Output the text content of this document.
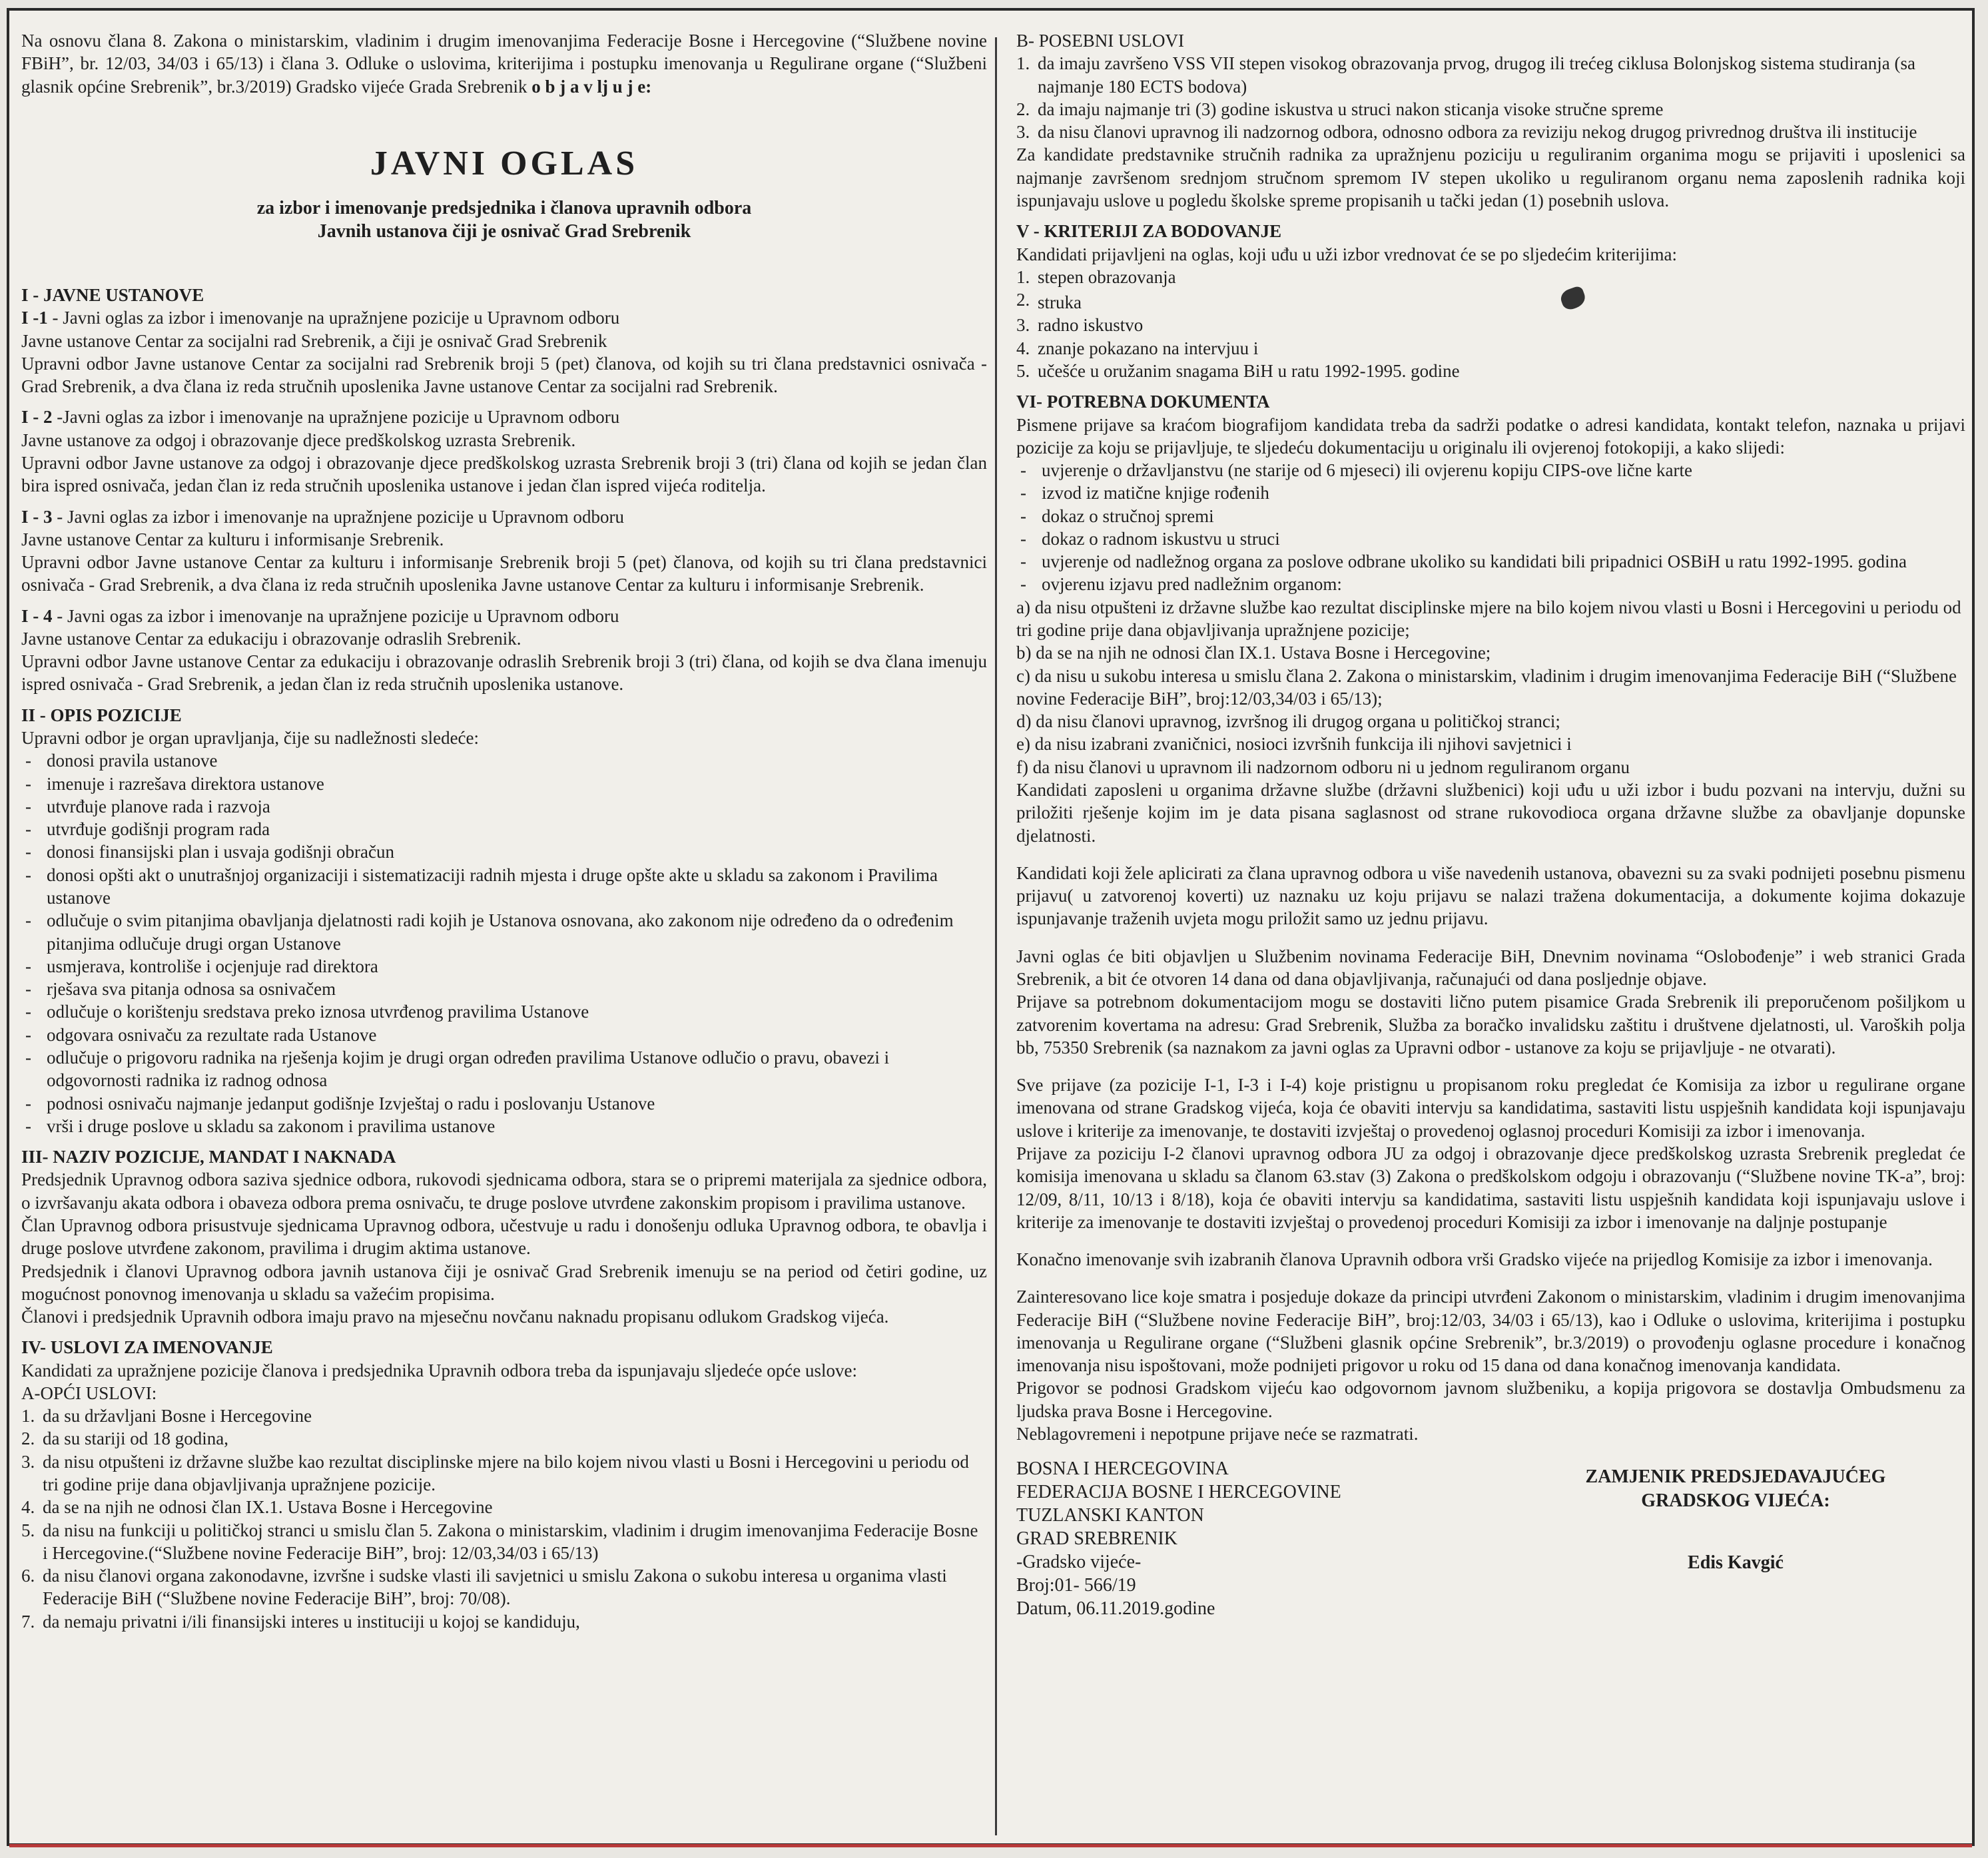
Na osnovu člana 8. Zakona o ministarskim, vladinim i drugim imenovanjima Federacije Bosne i Hercegovine (“Službene novine FBiH”, br. 12/03, 34/03 i 65/13) i člana 3. Odluke o uslovima, kriterijima i postupku imenovanja u Regulirane organe (“Službeni glasnik općine Srebrenik”, br.3/2019) Gradsko vijeće Grada Srebrenik o b j a v lj u j e:

JAVNI OGLAS
za izbor i imenovanje predsjednika i članova upravnih odbora
Javnih ustanova čiji je osnivač Grad Srebrenik

I - JAVNE USTANOVE

I -1 - Javni oglas za izbor i imenovanje na upražnjene pozicije u Upravnom odboru

Javne ustanove Centar za socijalni rad Srebrenik, a čiji je osnivač Grad Srebrenik

Upravni odbor Javne ustanove Centar za socijalni rad Srebrenik broji 5 (pet) članova, od kojih su tri člana predstavnici osnivača - Grad Srebrenik, a dva člana iz reda stručnih uposlenika Javne ustanove Centar za socijalni rad Srebrenik.

I - 2 -Javni oglas za izbor i imenovanje na upražnjene pozicije u Upravnom odboru

Javne ustanove za odgoj i obrazovanje djece predškolskog uzrasta Srebrenik.

Upravni odbor Javne ustanove za odgoj i obrazovanje djece predškolskog uzrasta Srebrenik broji 3 (tri) člana od kojih se jedan član bira ispred osnivača, jedan član iz reda stručnih uposlenika ustanove i jedan član ispred vijeća roditelja.

I - 3 - Javni oglas za izbor i imenovanje na upražnjene pozicije u Upravnom odboru

Javne ustanove Centar za kulturu i informisanje Srebrenik.

Upravni odbor Javne ustanove Centar za kulturu i informisanje Srebrenik broji 5 (pet) članova, od kojih su tri člana predstavnici osnivača - Grad Srebrenik, a dva člana iz reda stručnih uposlenika Javne ustanove Centar za kulturu i informisanje Srebrenik.

I - 4 - Javni ogas za izbor i imenovanje na upražnjene pozicije u Upravnom odboru

Javne ustanove Centar za edukaciju i obrazovanje odraslih Srebrenik.

Upravni odbor Javne ustanove Centar za edukaciju i obrazovanje odraslih Srebrenik broji 3 (tri) člana, od kojih se dva člana imenuju ispred osnivača - Grad Srebrenik, a jedan član iz reda stručnih uposlenika ustanove.

II - OPIS POZICIJE

Upravni odbor je organ upravljanja, čije su nadležnosti sledeće:

- donosi pravila ustanove
- imenuje i razrešava direktora ustanove
- utvrđuje planove rada i razvoja
- utvrđuje godišnji program rada
- donosi finansijski plan i usvaja godišnji obračun
- donosi opšti akt o unutrašnjoj organizaciji i sistematizaciji radnih mjesta i druge opšte akte u skladu sa zakonom i Pravilima ustanove
- odlučuje o svim pitanjima obavljanja djelatnosti radi kojih je Ustanova osnovana, ako zakonom nije određeno da o određenim pitanjima odlučuje drugi organ Ustanove
- usmjerava, kontroliše i ocjenjuje rad direktora
- rješava sva pitanja odnosa sa osnivačem
- odlučuje o korištenju sredstava preko iznosa utvrđenog pravilima Ustanove
- odgovara osnivaču za rezultate rada Ustanove
- odlučuje o prigovoru radnika na rješenja kojim je drugi organ određen pravilima Ustanove odlučio o pravu, obavezi i odgovornosti radnika iz radnog odnosa
- podnosi osnivaču najmanje jedanput godišnje Izvještaj o radu i poslovanju Ustanove
- vrši i druge poslove u skladu sa zakonom i pravilima ustanove

III- NAZIV POZICIJE, MANDAT I NAKNADA

Predsjednik Upravnog odbora saziva sjednice odbora, rukovodi sjednicama odbora, stara se o pripremi materijala za sjednice odbora, o izvršavanju akata odbora i obaveza odbora prema osnivaču, te druge poslove utvrđene zakonskim propisom i pravilima ustanove.

Član Upravnog odbora prisustvuje sjednicama Upravnog odbora, učestvuje u radu i donošenju odluka Upravnog odbora, te obavlja i druge poslove utvrđene zakonom, pravilima i drugim aktima ustanove.

Predsjednik i članovi Upravnog odbora javnih ustanova čiji je osnivač Grad Srebrenik imenuju se na period od četiri godine, uz mogućnost ponovnog imenovanja u skladu sa važećim propisima.

Članovi i predsjednik Upravnih odbora imaju pravo na mjesečnu novčanu naknadu propisanu odlukom Gradskog vijeća.

IV- USLOVI ZA IMENOVANJE

Kandidati za upražnjene pozicije članova i predsjednika Upravnih odbora treba da ispunjavaju sljedeće opće uslove:

A-OPĆI USLOVI:

1. da su državljani Bosne i Hercegovine
2. da su stariji od 18 godina,
3. da nisu otpušteni iz državne službe kao rezultat disciplinske mjere na bilo kojem nivou vlasti u Bosni i Hercegovini u periodu od tri godine prije dana objavljivanja upražnjene pozicije.
4. da se na njih ne odnosi član IX.1. Ustava Bosne i Hercegovine
5. da nisu na funkciji u političkoj stranci u smislu član 5. Zakona o ministarskim, vladinim i drugim imenovanjima Federacije Bosne i Hercegovine.(“Službene novine Federacije BiH”, broj: 12/03,34/03 i 65/13)
6. da nisu članovi organa zakonodavne, izvršne i sudske vlasti ili savjetnici u smislu Zakona o sukobu interesa u organima vlasti Federacije BiH (“Službene novine Federacije BiH”, broj: 70/08).
7. da nemaju privatni i/ili finansijski interes u instituciji u kojoj se kandiduju,

B- POSEBNI USLOVI

1. da imaju završeno VSS VII stepen visokog obrazovanja prvog, drugog ili trećeg ciklusa Bolonjskog sistema studiranja (sa najmanje 180 ECTS bodova)
2. da imaju najmanje tri (3) godine iskustva u struci nakon sticanja visoke stručne spreme
3. da nisu članovi upravnog ili nadzornog odbora, odnosno odbora za reviziju nekog drugog privrednog društva ili institucije

Za kandidate predstavnike stručnih radnika za upražnjenu poziciju u reguliranim organima mogu se prijaviti i uposlenici sa najmanje završenom srednjom stručnom spremom IV stepen ukoliko u reguliranom organu nema zaposlenih radnika koji ispunjavaju uslove u pogledu školske spreme propisanih u tački jedan (1) posebnih uslova.

V - KRITERIJI ZA BODOVANJE

Kandidati prijavljeni na oglas, koji uđu u uži izbor vrednovat će se po sljedećim kriterijima:

1. stepen obrazovanja
2. struka
3. radno iskustvo
4. znanje pokazano na intervjuu i
5. učešće u oružanim snagama BiH u ratu 1992-1995. godine

VI- POTREBNA DOKUMENTA

Pismene prijave sa kraćom biografijom kandidata treba da sadrži podatke o adresi kandidata, kontakt telefon, naznaka u prijavi pozicije za koju se prijavljuje, te sljedeću dokumentaciju u originalu ili ovjerenoj fotokopiji, a kako slijedi:

- uvjerenje o državljanstvu (ne starije od 6 mjeseci) ili ovjerenu kopiju CIPS-ove lične karte
- izvod iz matične knjige rođenih
- dokaz o stručnoj spremi
- dokaz o radnom iskustvu u struci
- uvjerenje od nadležnog organa za poslove odbrane ukoliko su kandidati bili pripadnici OSBiH u ratu 1992-1995. godina
- ovjerenu izjavu pred nadležnim organom:

a) da nisu otpušteni iz državne službe kao rezultat disciplinske mjere na bilo kojem nivou vlasti u Bosni i Hercegovini u periodu od tri godine prije dana objavljivanja upražnjene pozicije;

b) da se na njih ne odnosi član IX.1. Ustava Bosne i Hercegovine;

c) da nisu u sukobu interesa u smislu člana 2. Zakona o ministarskim, vladinim i drugim imenovanjima Federacije BiH (“Službene novine Federacije BiH”, broj:12/03,34/03 i 65/13);

d) da nisu članovi upravnog, izvršnog ili drugog organa u političkoj stranci;

e) da nisu izabrani zvaničnici, nosioci izvršnih funkcija ili njihovi savjetnici i

f) da nisu članovi u upravnom ili nadzornom odboru ni u jednom reguliranom organu

Kandidati zaposleni u organima državne službe (državni službenici) koji uđu u uži izbor i budu pozvani na intervju, dužni su priložiti rješenje kojim im je data pisana saglasnost od strane rukovodioca organa državne službe za obavljanje dopunske djelatnosti.

Kandidati koji žele aplicirati za člana upravnog odbora u više navedenih ustanova, obavezni su za svaki podnijeti posebnu pismenu prijavu( u zatvorenoj koverti) uz naznaku uz koju prijavu se nalazi tražena dokumentacija, a dokumente kojima dokazuje ispunjavanje traženih uvjeta mogu priložit samo uz jednu prijavu.

Javni oglas će biti objavljen u Službenim novinama Federacije BiH, Dnevnim novinama “Oslobođenje” i web stranici Grada Srebrenik, a bit će otvoren 14 dana od dana objavljivanja, računajući od dana posljednje objave.

Prijave sa potrebnom dokumentacijom mogu se dostaviti lično putem pisamice Grada Srebrenik ili preporučenom pošiljkom u zatvorenim kovertama na adresu: Grad Srebrenik, Služba za boračko invalidsku zaštitu i društvene djelatnosti, ul. Varoških polja bb, 75350 Srebrenik (sa naznakom za javni oglas za Upravni odbor - ustanove za koju se prijavljuje - ne otvarati).

Sve prijave (za pozicije I-1, I-3 i I-4) koje pristignu u propisanom roku pregledat će Komisija za izbor u regulirane organe imenovana od strane Gradskog vijeća, koja će obaviti intervju sa kandidatima, sastaviti listu uspješnih kandidata koji ispunjavaju uslove i kriterije za imenovanje, te dostaviti izvještaj o provedenoj oglasnoj proceduri Komisiji za izbor i imenovanja.

Prijave za poziciju I-2 članovi upravnog odbora JU za odgoj i obrazovanje djece predškolskog uzrasta Srebrenik pregledat će komisija imenovana u skladu sa članom 63.stav (3) Zakona o predškolskom odgoju i obrazovanju (“Službene novine TK-a”, broj: 12/09, 8/11, 10/13 i 8/18), koja će obaviti intervju sa kandidatima, sastaviti listu uspješnih kandidata koji ispunjavaju uslove i kriterije za imenovanje te dostaviti izvještaj o provedenoj proceduri Komisiji za izbor i imenovanje na daljnje postupanje

Konačno imenovanje svih izabranih članova Upravnih odbora vrši Gradsko vijeće na prijedlog Komisije za izbor i imenovanja.

Zainteresovano lice koje smatra i posjeduje dokaze da principi utvrđeni Zakonom o ministarskim, vladinim i drugim imenovanjima Federacije BiH (“Službene novine Federacije BiH”, broj:12/03, 34/03 i 65/13), kao i Odluke o uslovima, kriterijima i postupku imenovanja u Regulirane organe (“Službeni glasnik općine Srebrenik”, br.3/2019) o provođenju oglasne procedure i konačnog imenovanja nisu ispoštovani, može podnijeti prigovor u roku od 15 dana od dana konačnog imenovanja kandidata.

Prigovor se podnosi Gradskom vijeću kao odgovornom javnom službeniku, a kopija prigovora se dostavlja Ombudsmenu za ljudska prava Bosne i Hercegovine.

Neblagovremeni i nepotpune prijave neće se razmatrati.

BOSNA I HERCEGOVINA
FEDERACIJA BOSNE I HERCEGOVINE
TUZLANSKI KANTON
GRAD SREBRENIK
-Gradsko vijeće-
Broj:01- 566/19
Datum, 06.11.2019.godine
ZAMJENIK PREDSJEDAVAJUĆEG
GRADSKOG VIJEĆA:
Edis Kavgić
